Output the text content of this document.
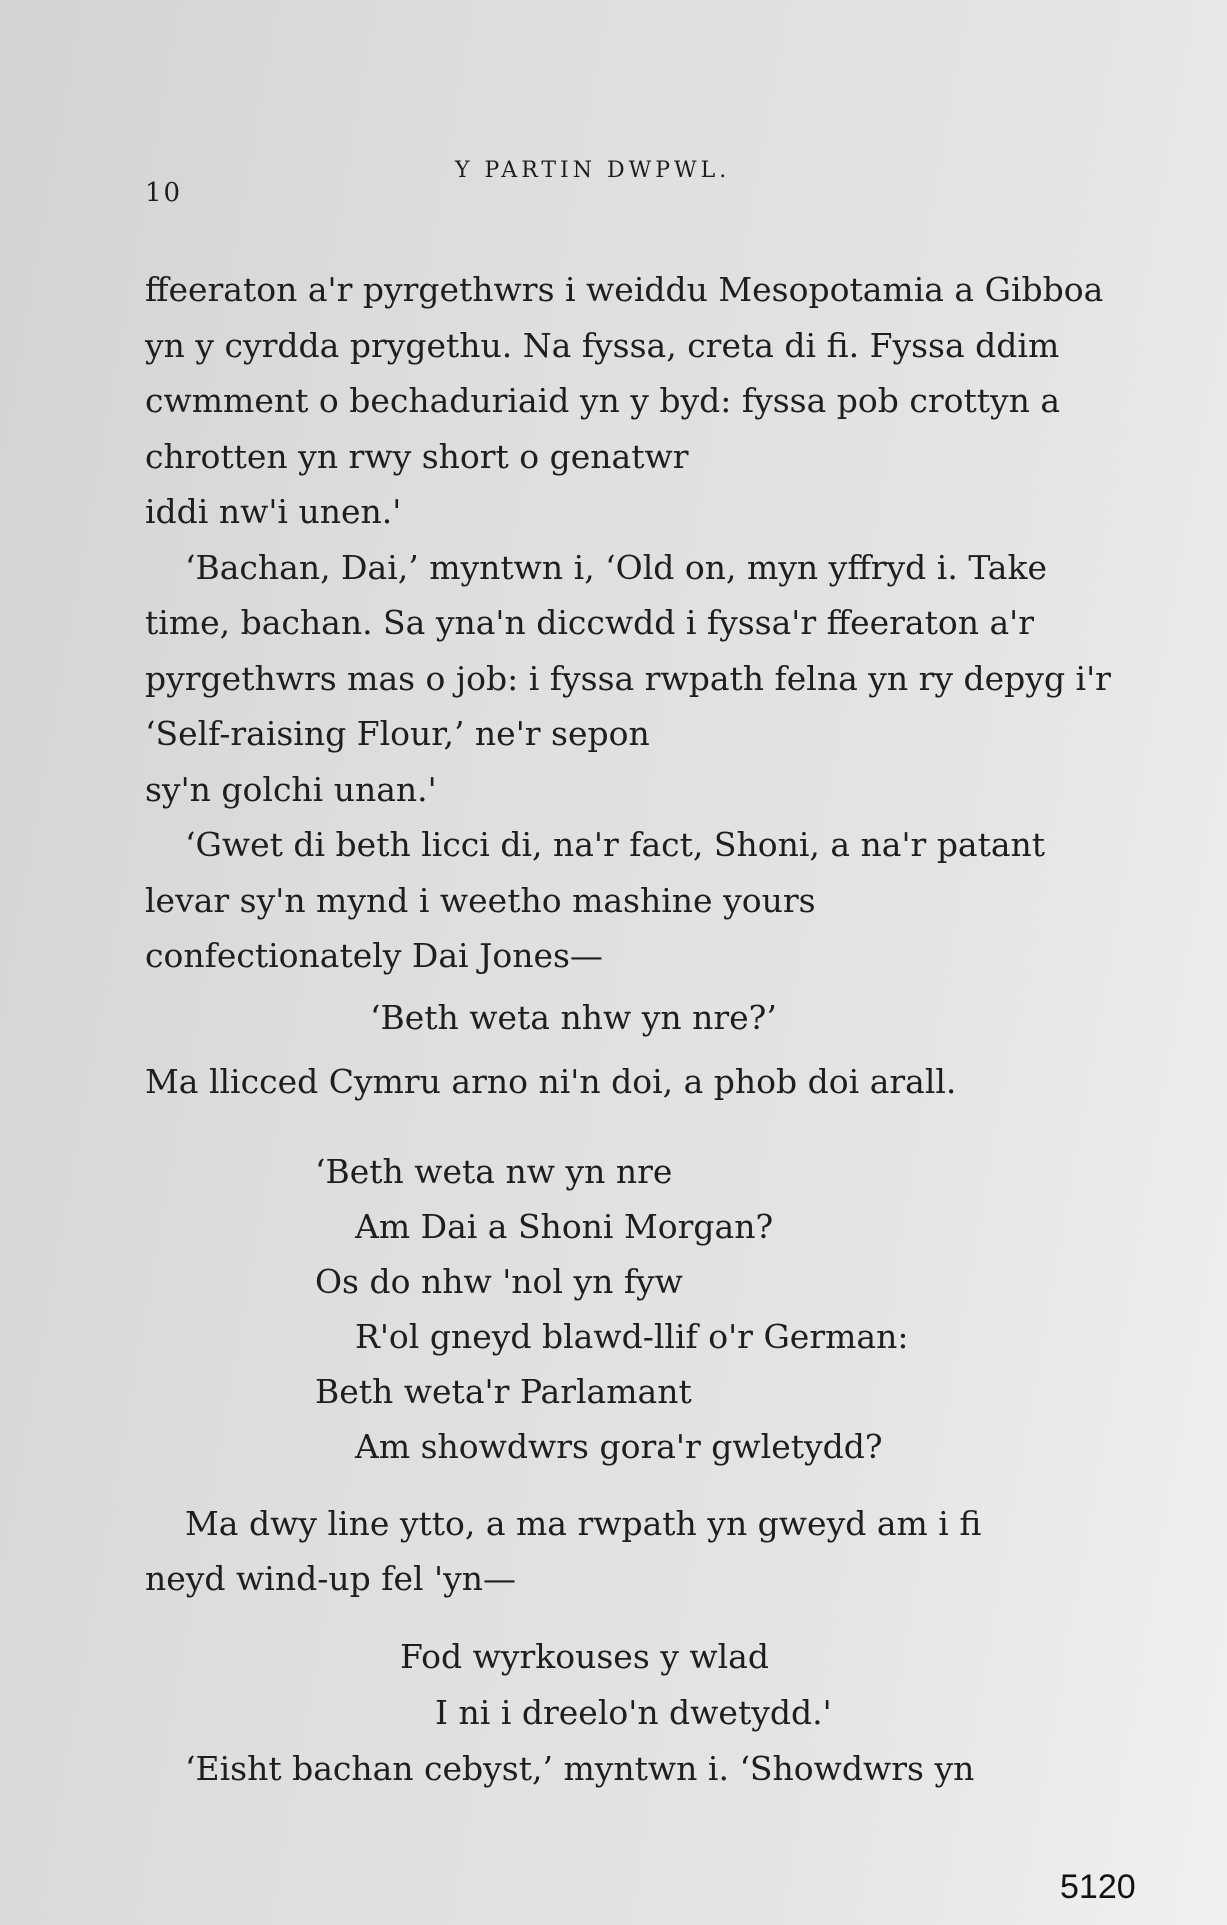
10
Y PARTIN DWPWL.
ffeeraton a'r pyrgethwrs i weiddu Mesopotamia a Gibboa yn y cyrdda prygethu. Na fyssa, creta di fi. Fyssa ddim cwmment o bechaduriaid yn y byd: fyssa pob crottyn a chrotten yn rwy short o genatwr
iddi nw'i unen.'
‘Bachan, Dai,’ myntwn i, ‘Old on, myn yffryd i. Take time, bachan. Sa yna'n diccwdd i fyssa'r ffeeraton a'r pyrgethwrs mas o job: i fyssa rwpath felna yn ry depyg i'r ‘Self-raising Flour,’ ne'r sepon
sy'n golchi unan.'
‘Gwet di beth licci di, na'r fact, Shoni, a na'r patant levar sy'n mynd i weetho mashine yours
confectionately Dai Jones—
‘Beth weta nhw yn nre?’
Ma llicced Cymru arno ni'n doi, a phob doi arall.
‘Beth weta nw yn nre
Am Dai a Shoni Morgan?
Os do nhw 'nol yn fyw
R'ol gneyd blawd-llif o'r German:
Beth weta'r Parlamant
Am showdwrs gora'r gwletydd?
Ma dwy line ytto, a ma rwpath yn gweyd am i fi
neyd wind-up fel 'yn—
Fod wyrkouses y wlad
I ni i dreelo'n dwetydd.'
‘Eisht bachan cebyst,’ myntwn i. ‘Showdwrs yn
5120
